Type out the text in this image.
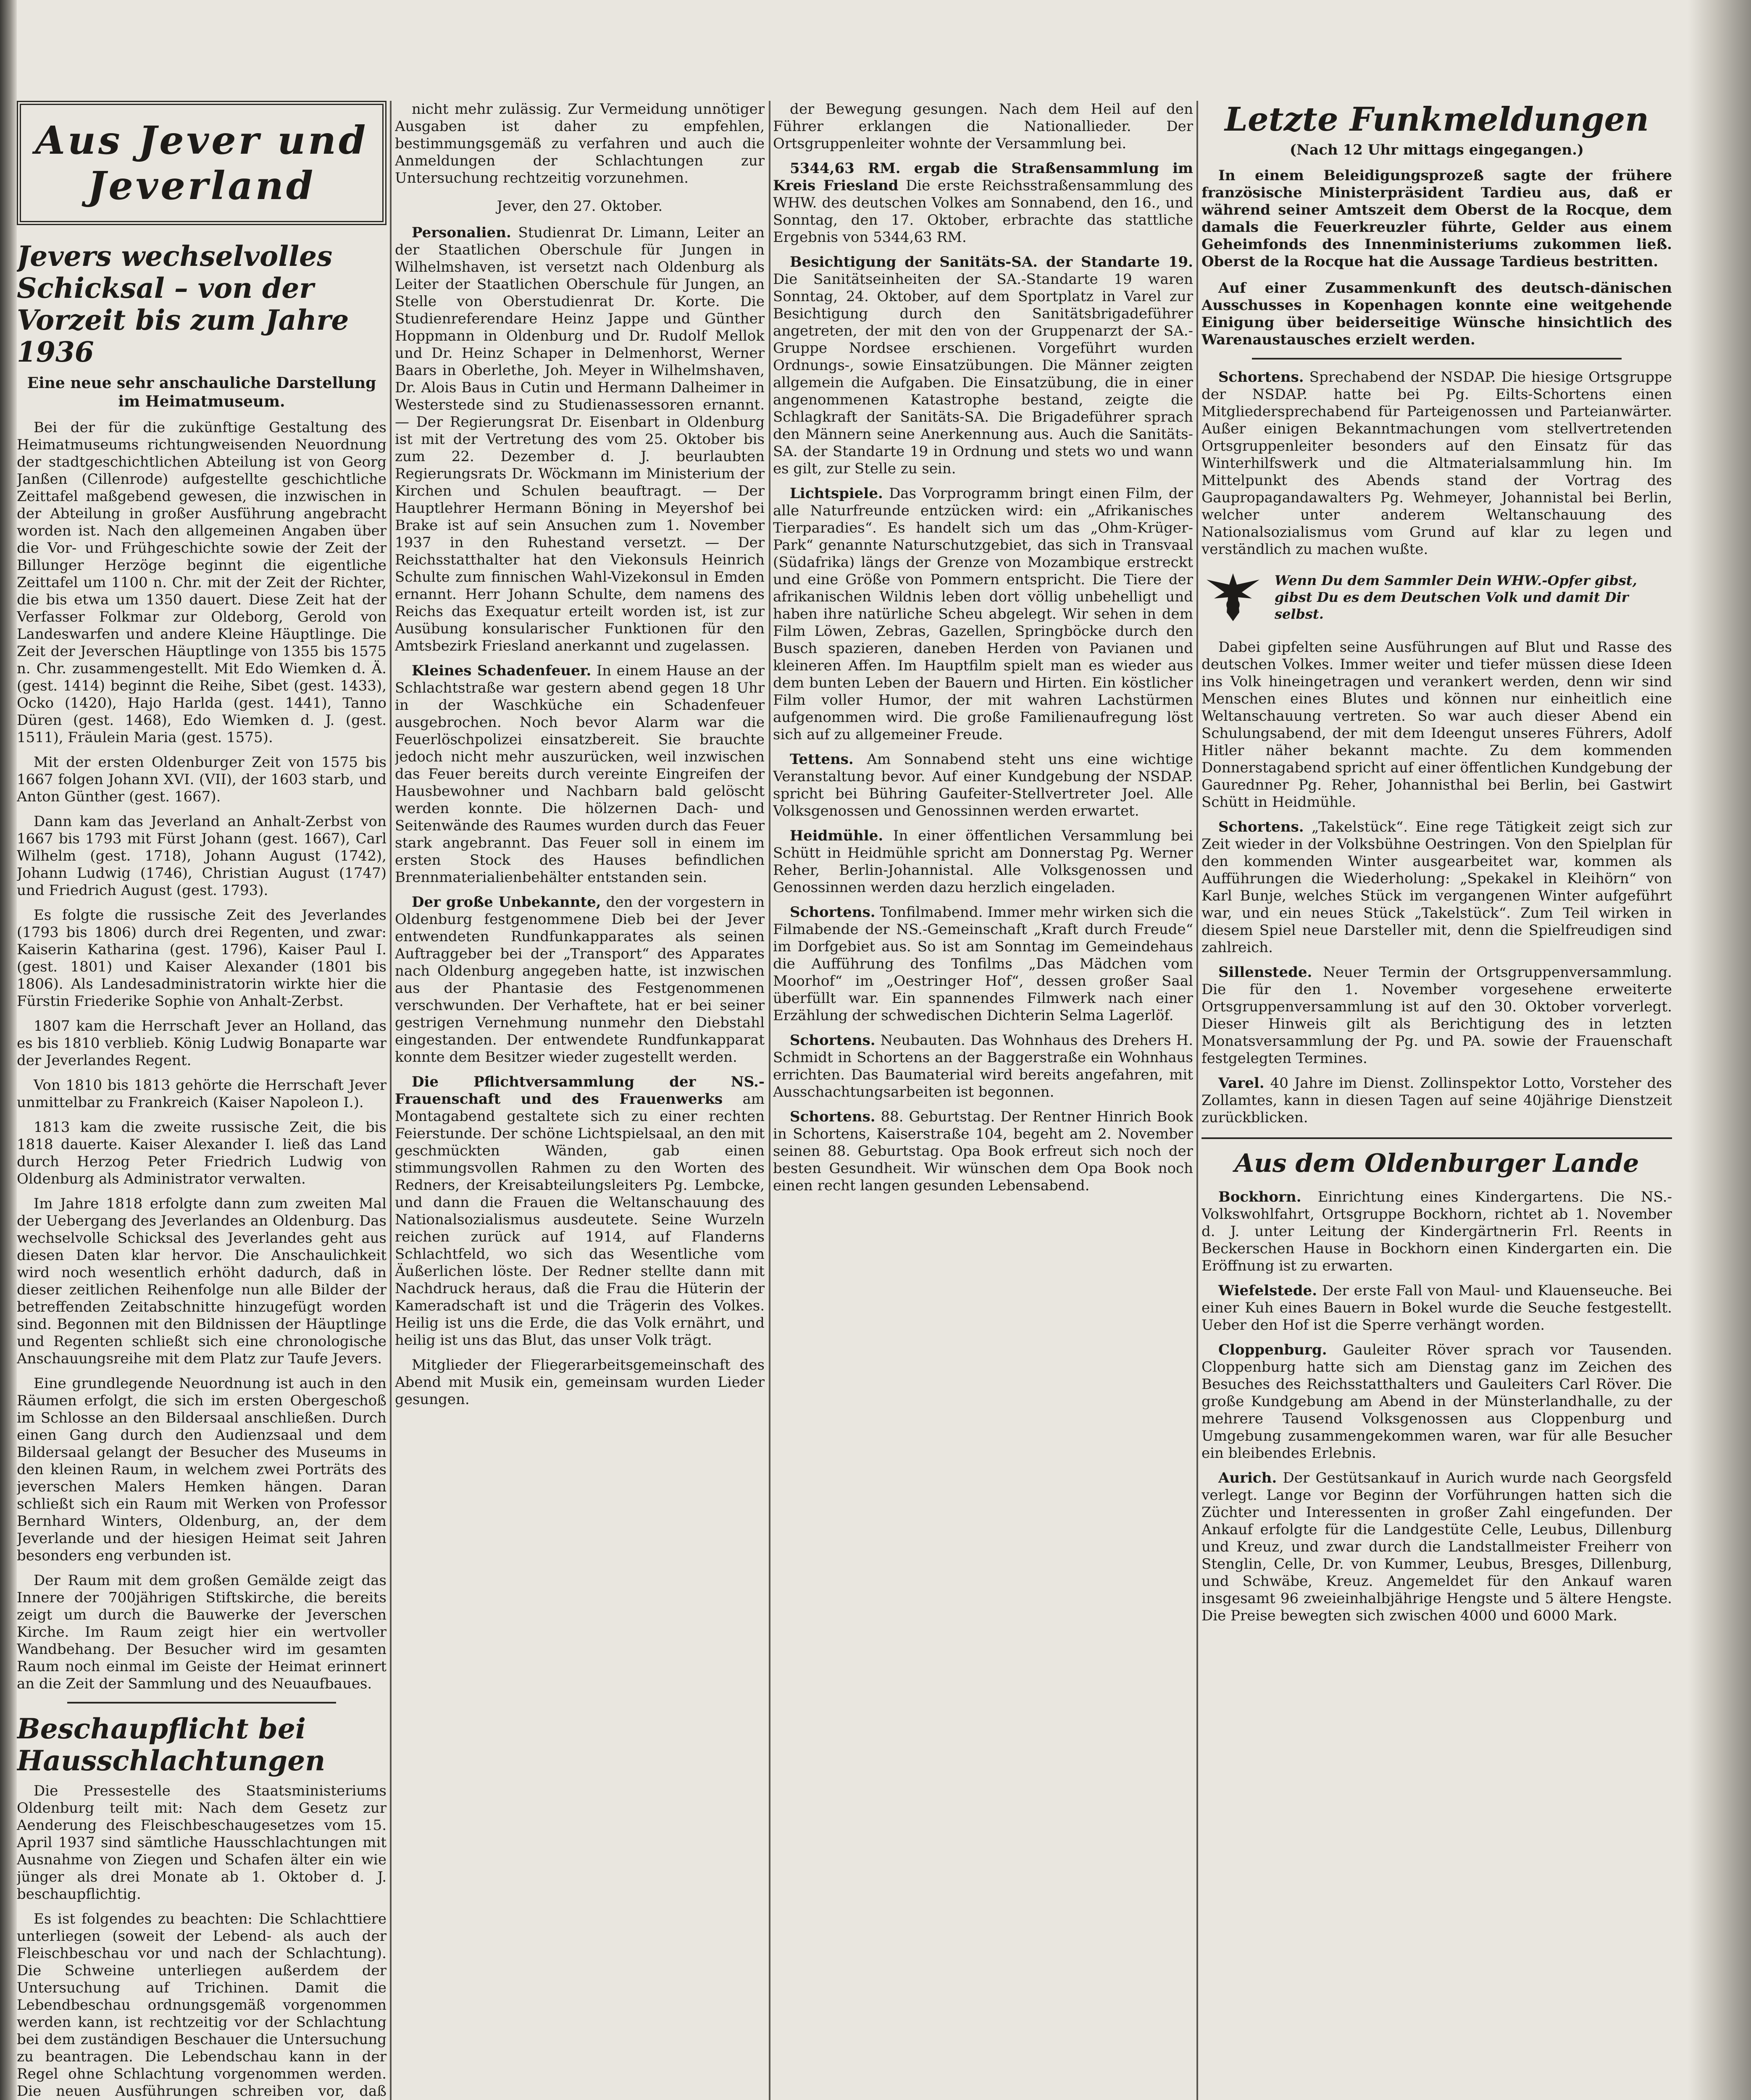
Aus Jever und Jeverland
Jevers wechselvolles Schicksal – von der Vorzeit bis zum Jahre 1936
Eine neue sehr anschauliche Darstellung im Heimatmuseum.

Bei der für die zukünftige Gestaltung des Heimatmuseums richtungweisenden Neuordnung der stadtgeschichtlichen Abteilung ist von Georg Janßen (Cillenrode) aufgestellte geschichtliche Zeittafel maßgebend gewesen, die inzwischen in der Abteilung in großer Ausführung angebracht worden ist. Nach den allgemeinen Angaben über die Vor- und Frühgeschichte sowie der Zeit der Billunger Herzöge beginnt die eigentliche Zeittafel um 1100 n. Chr. mit der Zeit der Richter, die bis etwa um 1350 dauert. Diese Zeit hat der Verfasser Folkmar zur Oldeborg, Gerold von Landeswarfen und andere Kleine Häuptlinge. Die Zeit der Jeverschen Häuptlinge von 1355 bis 1575 n. Chr. zusammengestellt. Mit Edo Wiemken d. Ä. (gest. 1414) beginnt die Reihe, Sibet (gest. 1433), Ocko (1420), Hajo Harlda (gest. 1441), Tanno Düren (gest. 1468), Edo Wiemken d. J. (gest. 1511), Fräulein Maria (gest. 1575).

Mit der ersten Oldenburger Zeit von 1575 bis 1667 folgen Johann XVI. (VII), der 1603 starb, und Anton Günther (gest. 1667).

Dann kam das Jeverland an Anhalt-Zerbst von 1667 bis 1793 mit Fürst Johann (gest. 1667), Carl Wilhelm (gest. 1718), Johann August (1742), Johann Ludwig (1746), Christian August (1747) und Friedrich August (gest. 1793).

Es folgte die russische Zeit des Jeverlandes (1793 bis 1806) durch drei Regenten, und zwar: Kaiserin Katharina (gest. 1796), Kaiser Paul I. (gest. 1801) und Kaiser Alexander (1801 bis 1806). Als Landesadministratorin wirkte hier die Fürstin Friederike Sophie von Anhalt-Zerbst.

1807 kam die Herrschaft Jever an Holland, das es bis 1810 verblieb. König Ludwig Bonaparte war der Jeverlandes Regent.

Von 1810 bis 1813 gehörte die Herrschaft Jever unmittelbar zu Frankreich (Kaiser Napoleon I.).

1813 kam die zweite russische Zeit, die bis 1818 dauerte. Kaiser Alexander I. ließ das Land durch Herzog Peter Friedrich Ludwig von Oldenburg als Administrator verwalten.

Im Jahre 1818 erfolgte dann zum zweiten Mal der Uebergang des Jeverlandes an Oldenburg. Das wechselvolle Schicksal des Jeverlandes geht aus diesen Daten klar hervor. Die Anschaulichkeit wird noch wesentlich erhöht dadurch, daß in dieser zeitlichen Reihenfolge nun alle Bilder der betreffenden Zeitabschnitte hinzugefügt worden sind. Begonnen mit den Bildnissen der Häuptlinge und Regenten schließt sich eine chronologische Anschauungsreihe mit dem Platz zur Taufe Jevers.

Eine grundlegende Neuordnung ist auch in den Räumen erfolgt, die sich im ersten Obergeschoß im Schlosse an den Bildersaal anschließen. Durch einen Gang durch den Audienzsaal und dem Bildersaal gelangt der Besucher des Museums in den kleinen Raum, in welchem zwei Porträts des jeverschen Malers Hemken hängen. Daran schließt sich ein Raum mit Werken von Professor Bernhard Winters, Oldenburg, an, der dem Jeverlande und der hiesigen Heimat seit Jahren besonders eng verbunden ist.

Der Raum mit dem großen Gemälde zeigt das Innere der 700jährigen Stiftskirche, die bereits zeigt um durch die Bauwerke der Jeverschen Kirche. Im Raum zeigt hier ein wertvoller Wandbehang. Der Besucher wird im gesamten Raum noch einmal im Geiste der Heimat erinnert an die Zeit der Sammlung und des Neuaufbaues.

Beschaupflicht bei Hausschlachtungen

Die Pressestelle des Staatsministeriums Oldenburg teilt mit: Nach dem Gesetz zur Aenderung des Fleischbeschaugesetzes vom 15. April 1937 sind sämtliche Hausschlachtungen mit Ausnahme von Ziegen und Schafen älter ein wie jünger als drei Monate ab 1. Oktober d. J. beschaupflichtig.

Es ist folgendes zu beachten: Die Schlachttiere unterliegen (soweit der Lebend- als auch der Fleischbeschau vor und nach der Schlachtung). Die Schweine unterliegen außerdem der Untersuchung auf Trichinen. Damit die Lebendbeschau ordnungsgemäß vorgenommen werden kann, ist rechtzeitig vor der Schlachtung bei dem zuständigen Beschauer die Untersuchung zu beantragen. Die Lebendschau kann in der Regel ohne Schlachtung vorgenommen werden. Die neuen Ausführungen schreiben vor, daß

nicht mehr zulässig. Zur Vermeidung unnötiger Ausgaben ist daher zu empfehlen, bestimmungsgemäß zu verfahren und auch die Anmeldungen der Schlachtungen zur Untersuchung rechtzeitig vorzunehmen.

Jever, den 27. Oktober.

Personalien. Studienrat Dr. Limann, Leiter an der Staatlichen Oberschule für Jungen in Wilhelmshaven, ist versetzt nach Oldenburg als Leiter der Staatlichen Oberschule für Jungen, an Stelle von Oberstudienrat Dr. Korte. Die Studienreferendare Heinz Jappe und Günther Hoppmann in Oldenburg und Dr. Rudolf Mellok und Dr. Heinz Schaper in Delmenhorst, Werner Baars in Oberlethe, Joh. Meyer in Wilhelmshaven, Dr. Alois Baus in Cutin und Hermann Dalheimer in Westerstede sind zu Studienassessoren ernannt. — Der Regierungsrat Dr. Eisenbart in Oldenburg ist mit der Vertretung des vom 25. Oktober bis zum 22. Dezember d. J. beurlaubten Regierungsrats Dr. Wöckmann im Ministerium der Kirchen und Schulen beauftragt. — Der Hauptlehrer Hermann Böning in Meyershof bei Brake ist auf sein Ansuchen zum 1. November 1937 in den Ruhestand versetzt. — Der Reichsstatthalter hat den Viekonsuls Heinrich Schulte zum finnischen Wahl-Vizekonsul in Emden ernannt. Herr Johann Schulte, dem namens des Reichs das Exequatur erteilt worden ist, ist zur Ausübung konsularischer Funktionen für den Amtsbezirk Friesland anerkannt und zugelassen.

Kleines Schadenfeuer. In einem Hause an der Schlachtstraße war gestern abend gegen 18 Uhr in der Waschküche ein Schadenfeuer ausgebrochen. Noch bevor Alarm war die Feuerlöschpolizei einsatzbereit. Sie brauchte jedoch nicht mehr auszurücken, weil inzwischen das Feuer bereits durch vereinte Eingreifen der Hausbewohner und Nachbarn bald gelöscht werden konnte. Die hölzernen Dach- und Seitenwände des Raumes wurden durch das Feuer stark angebrannt. Das Feuer soll in einem im ersten Stock des Hauses befindlichen Brennmaterialienbehälter entstanden sein.

Der große Unbekannte, den der vorgestern in Oldenburg festgenommene Dieb bei der Jever entwendeten Rundfunkapparates als seinen Auftraggeber bei der „Transport“ des Apparates nach Oldenburg angegeben hatte, ist inzwischen aus der Phantasie des Festgenommenen verschwunden. Der Verhaftete, hat er bei seiner gestrigen Vernehmung nunmehr den Diebstahl eingestanden. Der entwendete Rundfunkapparat konnte dem Besitzer wieder zugestellt werden.

Die Pflichtversammlung der NS.-Frauenschaft und des Frauenwerks am Montagabend gestaltete sich zu einer rechten Feierstunde. Der schöne Lichtspielsaal, an den mit geschmückten Wänden, gab einen stimmungsvollen Rahmen zu den Worten des Redners, der Kreisabteilungsleiters Pg. Lembcke, und dann die Frauen die Weltanschauung des Nationalsozialismus ausdeutete. Seine Wurzeln reichen zurück auf 1914, auf Flanderns Schlachtfeld, wo sich das Wesentliche vom Äußerlichen löste. Der Redner stellte dann mit Nachdruck heraus, daß die Frau die Hüterin der Kameradschaft ist und die Trägerin des Volkes. Heilig ist uns die Erde, die das Volk ernährt, und heilig ist uns das Blut, das unser Volk trägt.

Mitglieder der Fliegerarbeitsgemeinschaft des Abend mit Musik ein, gemeinsam wurden Lieder gesungen.

der Bewegung gesungen. Nach dem Heil auf den Führer erklangen die Nationallieder. Der Ortsgruppenleiter wohnte der Versammlung bei.

5344,63 RM. ergab die Straßensammlung im Kreis Friesland Die erste Reichsstraßensammlung des WHW. des deutschen Volkes am Sonnabend, den 16., und Sonntag, den 17. Oktober, erbrachte das stattliche Ergebnis von 5344,63 RM.

Besichtigung der Sanitäts-SA. der Standarte 19. Die Sanitätseinheiten der SA.-Standarte 19 waren Sonntag, 24. Oktober, auf dem Sportplatz in Varel zur Besichtigung durch den Sanitätsbrigadeführer angetreten, der mit den von der Gruppenarzt der SA.-Gruppe Nordsee erschienen. Vorgeführt wurden Ordnungs-, sowie Einsatzübungen. Die Männer zeigten allgemein die Aufgaben. Die Einsatzübung, die in einer angenommenen Katastrophe bestand, zeigte die Schlagkraft der Sanitäts-SA. Die Brigadeführer sprach den Männern seine Anerkennung aus. Auch die Sanitäts-SA. der Standarte 19 in Ordnung und stets wo und wann es gilt, zur Stelle zu sein.

Lichtspiele. Das Vorprogramm bringt einen Film, der alle Naturfreunde entzücken wird: ein „Afrikanisches Tierparadies“. Es handelt sich um das „Ohm-Krüger-Park“ genannte Naturschutzgebiet, das sich in Transvaal (Südafrika) längs der Grenze von Mozambique erstreckt und eine Größe von Pommern entspricht. Die Tiere der afrikanischen Wildnis leben dort völlig unbehelligt und haben ihre natürliche Scheu abgelegt. Wir sehen in dem Film Löwen, Zebras, Gazellen, Springböcke durch den Busch spazieren, daneben Herden von Pavianen und kleineren Affen. Im Hauptfilm spielt man es wieder aus dem bunten Leben der Bauern und Hirten. Ein köstlicher Film voller Humor, der mit wahren Lachstürmen aufgenommen wird. Die große Familienaufregung löst sich auf zu allgemeiner Freude.

Tettens. Am Sonnabend steht uns eine wichtige Veranstaltung bevor. Auf einer Kundgebung der NSDAP. spricht bei Bühring Gaufeiter-Stellvertreter Joel. Alle Volksgenossen und Genossinnen werden erwartet.

Heidmühle. In einer öffentlichen Versammlung bei Schütt in Heidmühle spricht am Donnerstag Pg. Werner Reher, Berlin-Johannistal. Alle Volksgenossen und Genossinnen werden dazu herzlich eingeladen.

Schortens. Tonfilmabend. Immer mehr wirken sich die Filmabende der NS.-Gemeinschaft „Kraft durch Freude“ im Dorfgebiet aus. So ist am Sonntag im Gemeindehaus die Aufführung des Tonfilms „Das Mädchen vom Moorhof“ im „Oestringer Hof“, dessen großer Saal überfüllt war. Ein spannendes Filmwerk nach einer Erzählung der schwedischen Dichterin Selma Lagerlöf.

Schortens. Neubauten. Das Wohnhaus des Drehers H. Schmidt in Schortens an der Baggerstraße ein Wohnhaus errichten. Das Baumaterial wird bereits angefahren, mit Ausschachtungsarbeiten ist begonnen.

Schortens. 88. Geburtstag. Der Rentner Hinrich Book in Schortens, Kaiserstraße 104, begeht am 2. November seinen 88. Geburtstag. Opa Book erfreut sich noch der besten Gesundheit. Wir wünschen dem Opa Book noch einen recht langen gesunden Lebensabend.

Letzte Funkmeldungen
(Nach 12 Uhr mittags eingegangen.)

In einem Beleidigungsprozeß sagte der frühere französische Ministerpräsident Tardieu aus, daß er während seiner Amtszeit dem Oberst de la Rocque, dem damals die Feuerkreuzler führte, Gelder aus einem Geheimfonds des Innenministeriums zukommen ließ. Oberst de la Rocque hat die Aussage Tardieus bestritten.

Auf einer Zusammenkunft des deutsch-dänischen Ausschusses in Kopenhagen konnte eine weitgehende Einigung über beiderseitige Wünsche hinsichtlich des Warenaustausches erzielt werden.

Schortens. Sprechabend der NSDAP. Die hiesige Ortsgruppe der NSDAP. hatte bei Pg. Eilts-Schortens einen Mitgliedersprechabend für Parteigenossen und Parteianwärter. Außer einigen Bekanntmachungen vom stellvertretenden Ortsgruppenleiter besonders auf den Einsatz für das Winterhilfswerk und die Altmaterialsammlung hin. Im Mittelpunkt des Abends stand der Vortrag des Gaupropagandawalters Pg. Wehmeyer, Johannistal bei Berlin, welcher unter anderem Weltanschauung des Nationalsozialismus vom Grund auf klar zu legen und verständlich zu machen wußte.

Wenn Du dem Sammler Dein WHW.-Opfer gibst, gibst Du es dem Deutschen Volk und damit Dir selbst.

Dabei gipfelten seine Ausführungen auf Blut und Rasse des deutschen Volkes. Immer weiter und tiefer müssen diese Ideen ins Volk hineingetragen und verankert werden, denn wir sind Menschen eines Blutes und können nur einheitlich eine Weltanschauung vertreten. So war auch dieser Abend ein Schulungsabend, der mit dem Ideengut unseres Führers, Adolf Hitler näher bekannt machte. Zu dem kommenden Donnerstagabend spricht auf einer öffentlichen Kundgebung der Gaurednner Pg. Reher, Johannisthal bei Berlin, bei Gastwirt Schütt in Heidmühle.

Schortens. „Takelstück“. Eine rege Tätigkeit zeigt sich zur Zeit wieder in der Volksbühne Oestringen. Von den Spielplan für den kommenden Winter ausgearbeitet war, kommen als Aufführungen die Wiederholung: „Spekakel in Kleihörn“ von Karl Bunje, welches Stück im vergangenen Winter aufgeführt war, und ein neues Stück „Takelstück“. Zum Teil wirken in diesem Spiel neue Darsteller mit, denn die Spielfreudigen sind zahlreich.

Sillenstede. Neuer Termin der Ortsgruppenversammlung. Die für den 1. November vorgesehene erweiterte Ortsgruppenversammlung ist auf den 30. Oktober vorverlegt. Dieser Hinweis gilt als Berichtigung des in letzten Monatsversammlung der Pg. und PA. sowie der Frauenschaft festgelegten Termines.

Varel. 40 Jahre im Dienst. Zollinspektor Lotto, Vorsteher des Zollamtes, kann in diesen Tagen auf seine 40jährige Dienstzeit zurückblicken.

Aus dem Oldenburger Lande

Bockhorn. Einrichtung eines Kindergartens. Die NS.-Volkswohlfahrt, Ortsgruppe Bockhorn, richtet ab 1. November d. J. unter Leitung der Kindergärtnerin Frl. Reents in Beckerschen Hause in Bockhorn einen Kindergarten ein. Die Eröffnung ist zu erwarten.

Wiefelstede. Der erste Fall von Maul- und Klauenseuche. Bei einer Kuh eines Bauern in Bokel wurde die Seuche festgestellt. Ueber den Hof ist die Sperre verhängt worden.

Cloppenburg. Gauleiter Röver sprach vor Tausenden. Cloppenburg hatte sich am Dienstag ganz im Zeichen des Besuches des Reichsstatthalters und Gauleiters Carl Röver. Die große Kundgebung am Abend in der Münsterlandhalle, zu der mehrere Tausend Volksgenossen aus Cloppenburg und Umgebung zusammengekommen waren, war für alle Besucher ein bleibendes Erlebnis.

Aurich. Der Gestütsankauf in Aurich wurde nach Georgsfeld verlegt. Lange vor Beginn der Vorführungen hatten sich die Züchter und Interessenten in großer Zahl eingefunden. Der Ankauf erfolgte für die Landgestüte Celle, Leubus, Dillenburg und Kreuz, und zwar durch die Landstallmeister Freiherr von Stenglin, Celle, Dr. von Kummer, Leubus, Bresges, Dillenburg, und Schwäbe, Kreuz. Angemeldet für den Ankauf waren insgesamt 96 zweieinhalbjährige Hengste und 5 ältere Hengste. Die Preise bewegten sich zwischen 4000 und 6000 Mark.
